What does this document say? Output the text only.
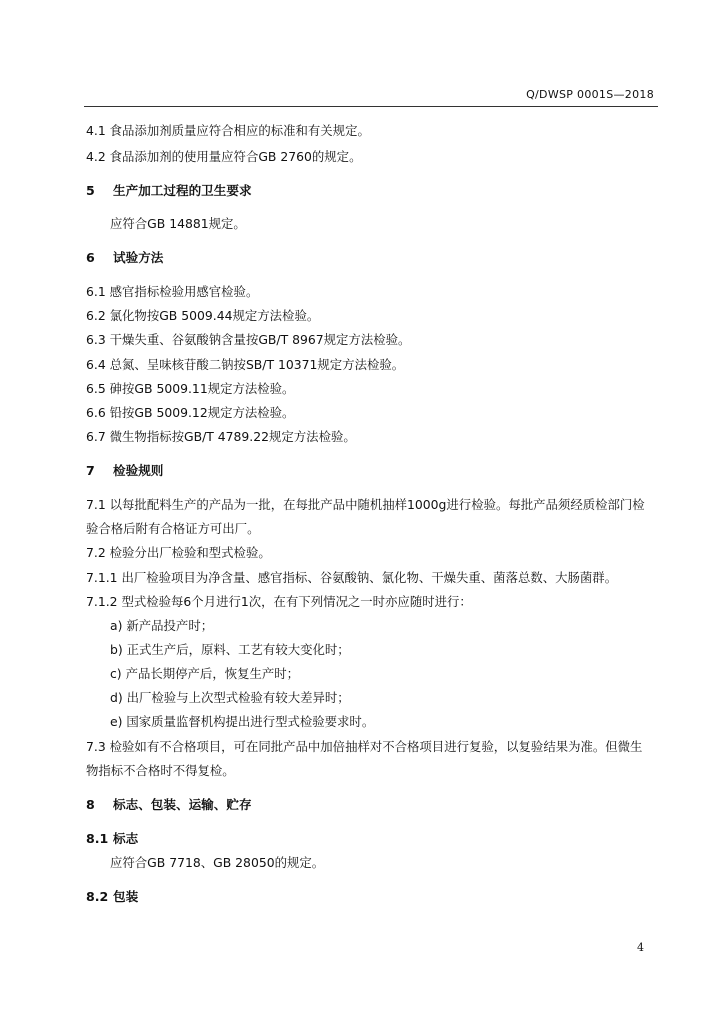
Q/DWSP 0001S—2018
4.1 食品添加剂质量应符合相应的标准和有关规定。
4.2 食品添加剂的使用量应符合GB 2760的规定。
5 生产加工过程的卫生要求
应符合GB 14881规定。
6 试验方法
6.1 感官指标检验用感官检验。
6.2 氯化物按GB 5009.44规定方法检验。
6.3 干燥失重、谷氨酸钠含量按GB/T 8967规定方法检验。
6.4 总氮、呈味核苷酸二钠按SB/T 10371规定方法检验。
6.5 砷按GB 5009.11规定方法检验。
6.6 铅按GB 5009.12规定方法检验。
6.7 微生物指标按GB/T 4789.22规定方法检验。
7 检验规则
7.1 以每批配料生产的产品为一批，在每批产品中随机抽样1000g进行检验。每批产品须经质检部门检
验合格后附有合格证方可出厂。
7.2 检验分出厂检验和型式检验。
7.1.1 出厂检验项目为净含量、感官指标、谷氨酸钠、氯化物、干燥失重、菌落总数、大肠菌群。
7.1.2 型式检验每6个月进行1次，在有下列情况之一时亦应随时进行：
a) 新产品投产时；
b) 正式生产后，原料、工艺有较大变化时；
c) 产品长期停产后，恢复生产时；
d) 出厂检验与上次型式检验有较大差异时；
e) 国家质量监督机构提出进行型式检验要求时。
7.3 检验如有不合格项目，可在同批产品中加倍抽样对不合格项目进行复验，以复验结果为准。但微生
物指标不合格时不得复检。
8 标志、包装、运输、贮存
8.1 标志
应符合GB 7718、GB 28050的规定。
8.2 包装
4
